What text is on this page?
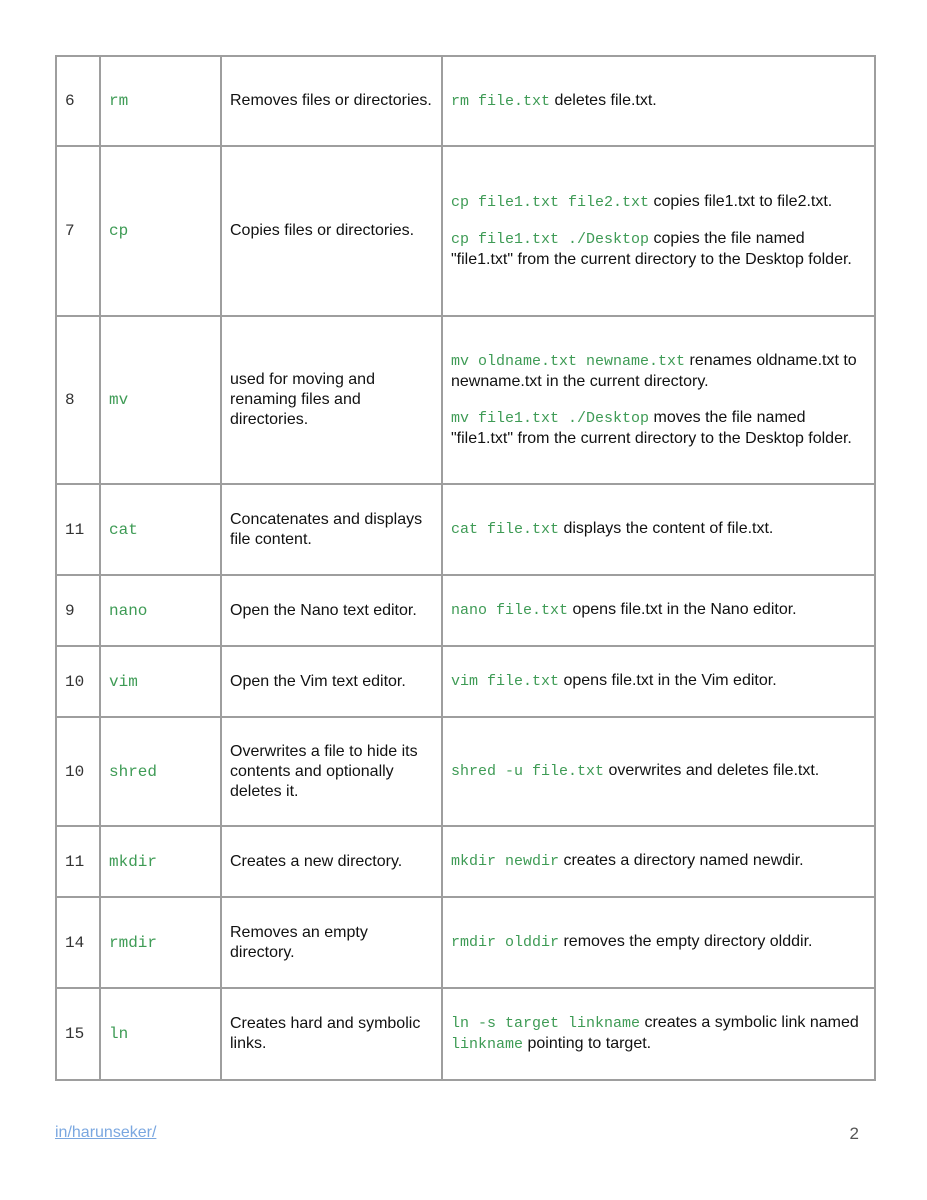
6	rm	Removes files or directories.	rm file.txt deletes file.txt.

7	cp	Copies files or directories.	cp file1.txt file2.txt copies file1.txt to file2.txt.

cp file1.txt ./Desktop copies the file named "file1.txt" from the current directory to the Desktop folder.

8	mv	used for moving and renaming files and directories.	mv oldname.txt newname.txt renames oldname.txt to newname.txt in the current directory.

mv file1.txt ./Desktop moves the file named "file1.txt" from the current directory to the Desktop folder.

11	cat	Concatenates and displays file content.	cat file.txt displays the content of file.txt.

9	nano	Open the Nano text editor.	nano file.txt opens file.txt in the Nano editor.

10	vim	Open the Vim text editor.	vim file.txt opens file.txt in the Vim editor.

10	shred	Overwrites a file to hide its contents and optionally deletes it.	shred -u file.txt overwrites and deletes file.txt.

11	mkdir	Creates a new directory.	mkdir newdir creates a directory named newdir.

14	rmdir	Removes an empty directory.	rmdir olddir removes the empty directory olddir.

15	ln	Creates hard and symbolic links.	ln -s target linkname creates a symbolic link named linkname pointing to target.

in/harunseker/	2
